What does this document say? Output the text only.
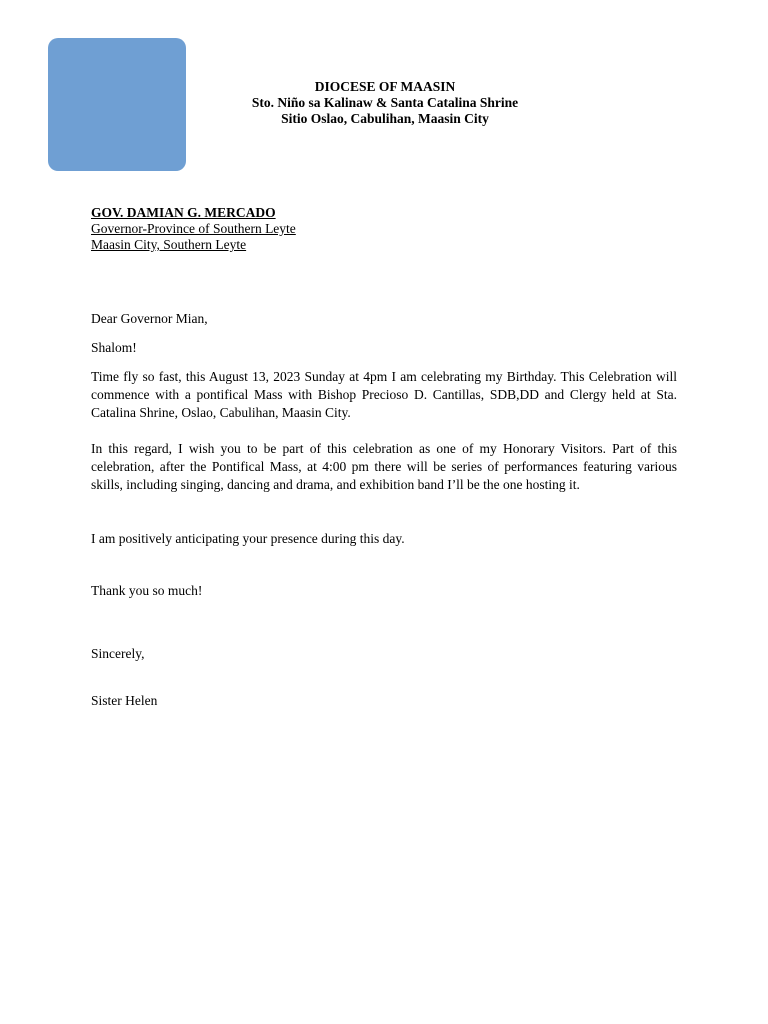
DIOCESE OF MAASIN
Sto. Niño sa Kalinaw & Santa Catalina Shrine
Sitio Oslao, Cabulihan, Maasin City
GOV. DAMIAN G. MERCADO
Governor-Province of Southern Leyte
Maasin City, Southern Leyte
Dear Governor Mian,
Shalom!
Time fly so fast, this August 13, 2023 Sunday at 4pm I am celebrating my Birthday. This Celebration will commence with a pontifical Mass with Bishop Precioso D. Cantillas, SDB,DD and Clergy held at Sta. Catalina Shrine, Oslao, Cabulihan, Maasin City.
In this regard, I wish you to be part of this celebration as one of my Honorary Visitors. Part of this celebration, after the Pontifical Mass, at 4:00 pm there will be series of performances featuring various skills, including singing, dancing and drama, and exhibition band I’ll be the one hosting it.
I am positively anticipating your presence during this day.
Thank you so much!
Sincerely,
Sister Helen
